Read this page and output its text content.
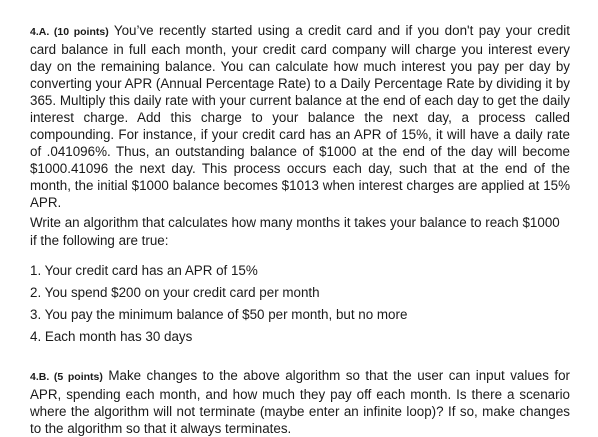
4.A. (10 points) You’ve recently started using a credit card and if you don't pay your credit card balance in full each month, your credit card company will charge you interest every day on the remaining balance. You can calculate how much interest you pay per day by converting your APR (Annual Percentage Rate) to a Daily Percentage Rate by dividing it by 365. Multiply this daily rate with your current balance at the end of each day to get the daily interest charge. Add this charge to your balance the next day, a process called compounding. For instance, if your credit card has an APR of 15%, it will have a daily rate of .041096%. Thus, an outstanding balance of $1000 at the end of the day will become $1000.41096 the next day. This process occurs each day, such that at the end of the month, the initial $1000 balance becomes $1013 when interest charges are applied at 15% APR.

Write an algorithm that calculates how many months it takes your balance to reach $1000 if the following are true:

1. Your credit card has an APR of 15%
2. You spend $200 on your credit card per month
3. You pay the minimum balance of $50 per month, but no more
4. Each month has 30 days

4.B. (5 points) Make changes to the above algorithm so that the user can input values for APR, spending each month, and how much they pay off each month. Is there a scenario where the algorithm will not terminate (maybe enter an infinite loop)? If so, make changes to the algorithm so that it always terminates.
